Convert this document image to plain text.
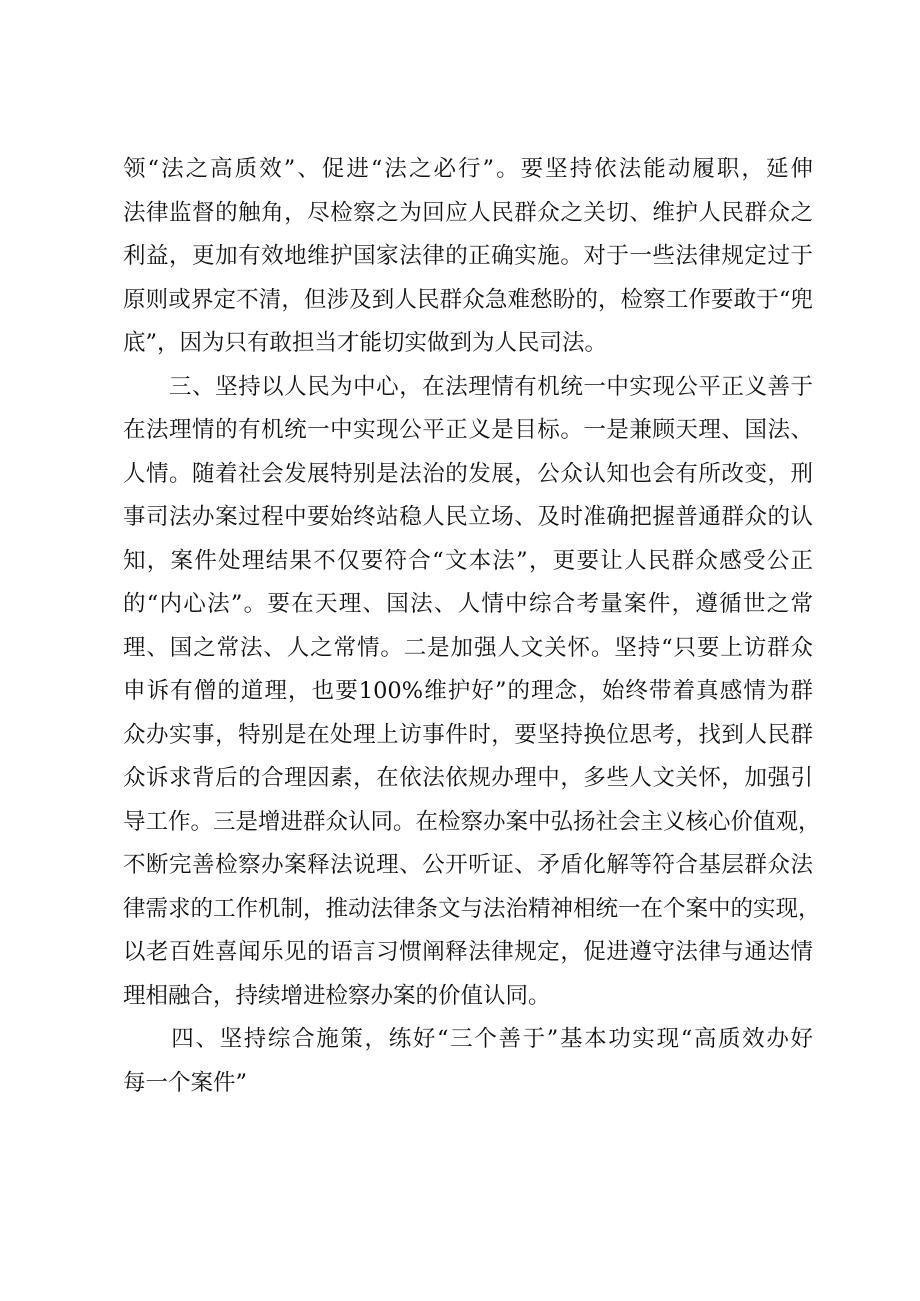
领“法之高质效”、促进“法之必行”。要坚持依法能动履职，延伸
法律监督的触角，尽检察之为回应人民群众之关切、维护人民群众之
利益，更加有效地维护国家法律的正确实施。对于一些法律规定过于
原则或界定不清，但涉及到人民群众急难愁盼的，检察工作要敢于“兜
底”，因为只有敢担当才能切实做到为人民司法。
　　三、坚持以人民为中心，在法理情有机统一中实现公平正义善于
在法理情的有机统一中实现公平正义是目标。一是兼顾天理、国法、
人情。随着社会发展特别是法治的发展，公众认知也会有所改变，刑
事司法办案过程中要始终站稳人民立场、及时准确把握普通群众的认
知，案件处理结果不仅要符合“文本法”，更要让人民群众感受公正
的“内心法”。要在天理、国法、人情中综合考量案件，遵循世之常
理、国之常法、人之常情。二是加强人文关怀。坚持“只要上访群众
申诉有僧的道理，也要100%维护好”的理念，始终带着真感情为群
众办实事，特别是在处理上访事件时，要坚持换位思考，找到人民群
众诉求背后的合理因素，在依法依规办理中，多些人文关怀，加强引
导工作。三是增进群众认同。在检察办案中弘扬社会主义核心价值观，
不断完善检察办案释法说理、公开听证、矛盾化解等符合基层群众法
律需求的工作机制，推动法律条文与法治精神相统一在个案中的实现，
以老百姓喜闻乐见的语言习惯阐释法律规定，促进遵守法律与通达情
理相融合，持续增进检察办案的价值认同。
　　四、坚持综合施策，练好“三个善于”基本功实现“高质效办好
每一个案件”
